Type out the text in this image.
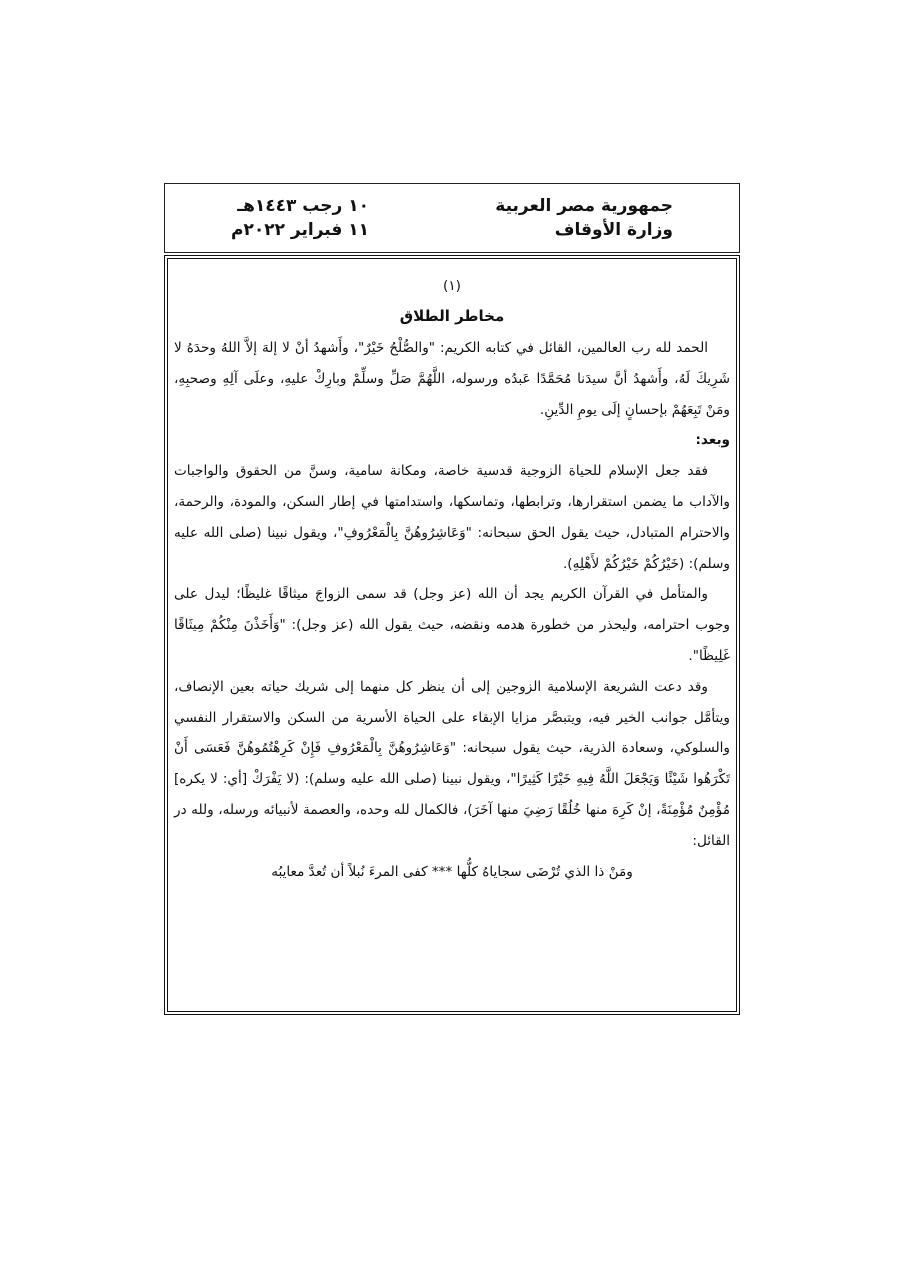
جمهورية مصر العربية
وزارة الأوقاف
١٠ رجب ١٤٤٣هـ
١١ فبراير ٢٠٢٢م
(١)
مخاطر الطلاق

الحمد لله رب العالمين، القائل في كتابه الكريم: "والصُّلْحُ خَيْرٌ"، وأَشهدُ أنْ لا إلهَ إلاَّ اللهُ وحدَهُ لا شَرِيكَ لَهُ، وأَشهدُ أنَّ سيدَنا مُحَمَّدًا عَبدُه ورسوله، اللَّهُمَّ صَلِّ وسلِّمْ وبارِكْ عليهِ، وعلَى آلِهِ وصحبِهِ، ومَنْ تَبِعَهُمْ بإحسانٍ إلَى يومِ الدِّينِ.

وبعد:

فقد جعل الإسلام للحياة الزوجية قدسية خاصة، ومكانة سامية، وسنَّ من الحقوق والواجبات والآداب ما يضمن استقرارها، وترابطها، وتماسكها، واستدامتها في إطار السكن، والمودة، والرحمة، والاحترام المتبادل، حيث يقول الحق سبحانه: "وَعَاشِرُوهُنَّ بِالْمَعْرُوفِ"، ويقول نبينا (صلى الله عليه وسلم): (خَيْرُكُمْ خَيْرُكُمْ لأَهْلِهِ).

والمتأمل في القرآن الكريم يجد أن الله (عز وجل) قد سمى الزواجَ ميثاقًا غليظًا؛ ليدل على وجوب احترامه، وليحذر من خطورة هدمه ونقضه، حيث يقول الله (عز وجل): "وَأَخَذْنَ مِنْكُمْ مِيثَاقًا غَلِيظًا".

وقد دعت الشريعة الإسلامية الزوجين إلى أن ينظر كل منهما إلى شريك حياته بعين الإنصاف، ويتأمَّل جوانب الخير فيه، ويتبصَّر مزايا الإبقاء على الحياة الأسرية من السكن والاستقرار النفسي والسلوكي، وسعادة الذرية، حيث يقول سبحانه: "وَعَاشِرُوهُنَّ بِالْمَعْرُوفِ فَإِنْ كَرِهْتُمُوهُنَّ فَعَسَى أَنْ تَكْرَهُوا شَيْئًا وَيَجْعَلَ اللَّهُ فِيهِ خَيْرًا كَثِيرًا"، ويقول نبينا (صلى الله عليه وسلم): (لا يَفْرَكْ [أي: لا يكره] مُؤْمِنٌ مُؤْمِنَةً، إنْ كَرِهَ منها خُلُقًا رَضِيَ منها آخَرَ)، فالكمال لله وحده، والعصمة لأنبيائه ورسله، ولله در القائل:

ومَنْ ذا الذي تُرْضَى سجاياهُ كلُّها *** كفى المرءَ نُبلاً أن تُعدَّ معايبُه
